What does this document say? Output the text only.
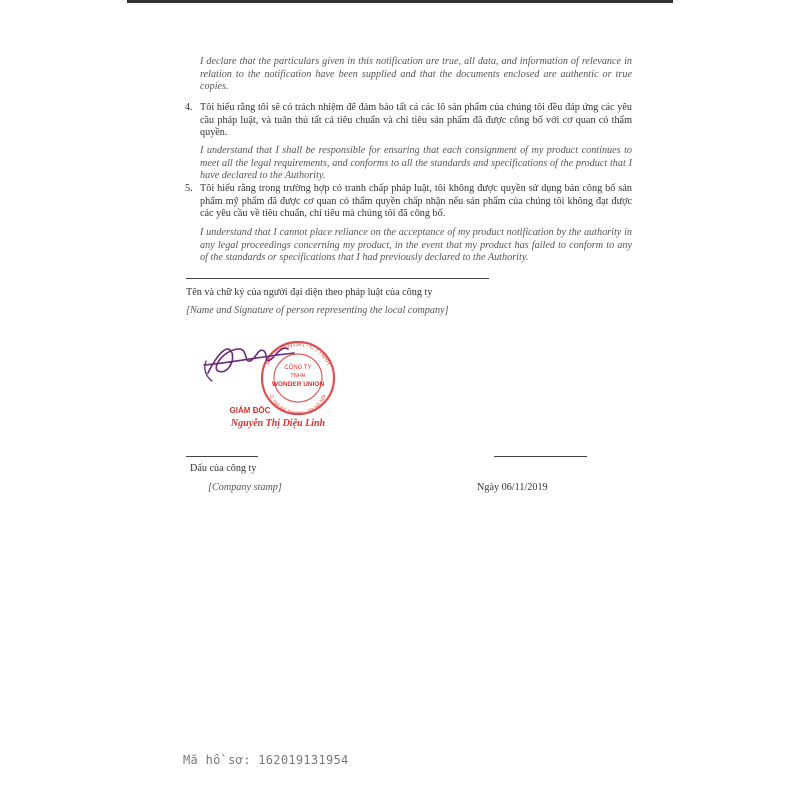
I declare that the particulars given in this notification are true, all data, and information of relevance in relation to the notification have been supplied and that the documents enclosed are authentic or true copies.
4. Tôi hiểu rằng tôi sẽ có trách nhiệm để đảm bảo tất cả các lô sản phẩm của chúng tôi đều đáp ứng các yêu cầu pháp luật, và tuân thủ tất cả tiêu chuẩn và chỉ tiêu sản phẩm đã được công bố với cơ quan có thẩm quyền.
I understand that I shall be responsible for ensuring that each consignment of my product continues to meet all the legal requirements, and conforms to all the standards and specifications of the product that I have declared to the Authority.
5. Tôi hiểu rằng trong trường hợp có tranh chấp pháp luật, tôi không được quyền sử dụng bản công bố sản phẩm mỹ phẩm đã được cơ quan có thẩm quyền chấp nhận nếu sản phẩm của chúng tôi không đạt được các yêu cầu về tiêu chuẩn, chỉ tiêu mà chúng tôi đã công bố.
I understand that I cannot place reliance on the acceptance of my product notification by the authority in any legal proceedings concerning my product, in the event that my product has failed to conform to any of the standards or specifications that I had previously declared to the Authority.
Tên và chữ ký của người đại diện theo pháp luật của công ty
[Name and Signature of person representing the local company]
MST 0104091341 - C.T.TNHH
Q. HAI BÀ TRƯNG - TP. HÀ NỘI
CÔNG TY
TNHH
WONDER UNION
GIÁM ĐỐC
Nguyễn Thị Diệu Linh
Dấu của công ty
[Company stamp]	Ngày 06/11/2019
Mã hồ sơ: 162019131954
